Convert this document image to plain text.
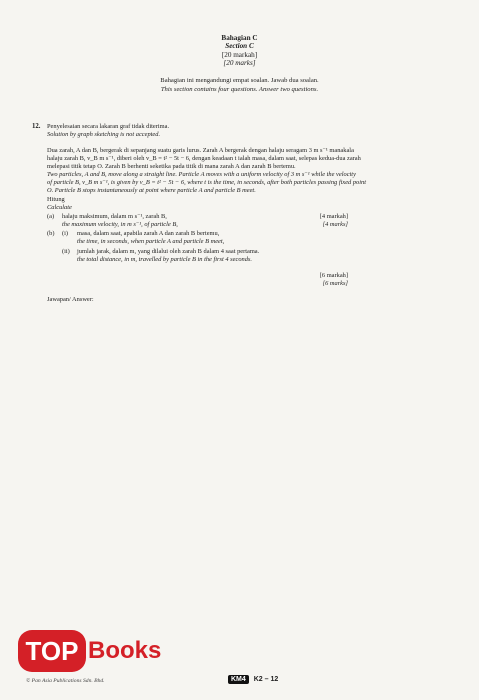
Bahagian C
Section C
[20 markah]
[20 marks]
Bahagian ini mengandungi empat soalan. Jawab dua soalan.
This section contains four questions. Answer two questions.
12. Penyelesaian secara lakaran graf tidak diterima.
Solution by graph sketching is not accepted.
Dua zarah, A dan B, bergerak di sepanjang suatu garis lurus. Zarah A bergerak dengan halaju seragam 3 m s⁻¹ manakala
halaju zarah B, v_B m s⁻¹, diberi oleh v_B = t² − 5t − 6, dengan keadaan t ialah masa, dalam saat, selepas kedua-dua zarah
melepasi titik tetap O. Zarah B berhenti seketika pada titik di mana zarah A dan zarah B bertemu.
Two particles, A and B, move along a straight line. Particle A moves with a uniform velocity of 3 m s⁻¹ while the velocity
of particle B, v_B m s⁻¹, is given by v_B = t² − 5t − 6, where t is the time, in seconds, after both particles passing fixed point
O. Particle B stops instantaneously at point where particle A and particle B meet.
Hitung
Calculate
(a) halaju maksimum, dalam m s⁻¹, zarah B,
the maximum velocity, in m s⁻¹, of particle B,
[4 markah]
[4 marks]
(b) (i) masa, dalam saat, apabila zarah A dan zarah B bertemu,
the time, in seconds, when particle A and particle B meet,
(ii) jumlah jarak, dalam m, yang dilalui oleh zarah B dalam 4 saat pertama.
the total distance, in m, travelled by particle B in the first 4 seconds.
[6 markah]
[6 marks]
Jawapan/ Answer:
TOP Books
© Pan Asia Publications Sdn. Bhd.	KM4 K2 – 12
